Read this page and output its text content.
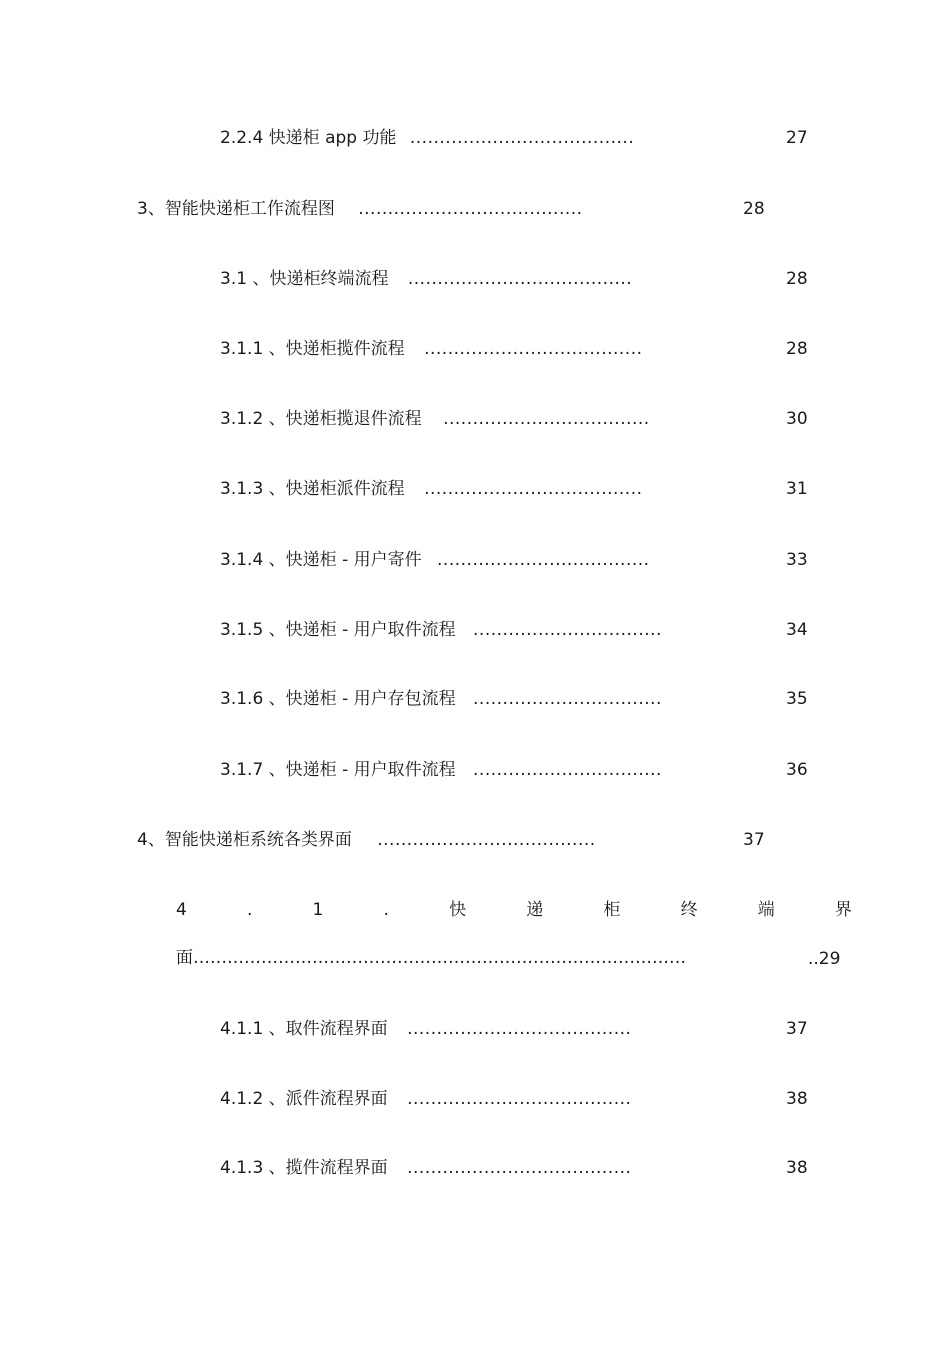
2.2.4 快递柜 app 功能 ......................................	27
3、智能快递柜工作流程图 ......................................	28
3.1 、快递柜终端流程 ......................................	28
3.1.1 、快递柜揽件流程 .....................................	28
3.1.2 、快递柜揽退件流程 ...................................	30
3.1.3 、快递柜派件流程 .....................................	31
3.1.4 、快递柜 - 用户寄件 ....................................	33
3.1.5 、快递柜 - 用户取件流程 ................................	34
3.1.6 、快递柜 - 用户存包流程 ................................	35
3.1.7 、快递柜 - 用户取件流程 ................................	36
4、智能快递柜系统各类界面 .....................................	37
4	.	1	.	快	递	柜	终	端	界
面……………………………………………………………………………	..29
4.1.1 、取件流程界面 ......................................	37
4.1.2 、派件流程界面 ......................................	38
4.1.3 、揽件流程界面 ......................................	38
